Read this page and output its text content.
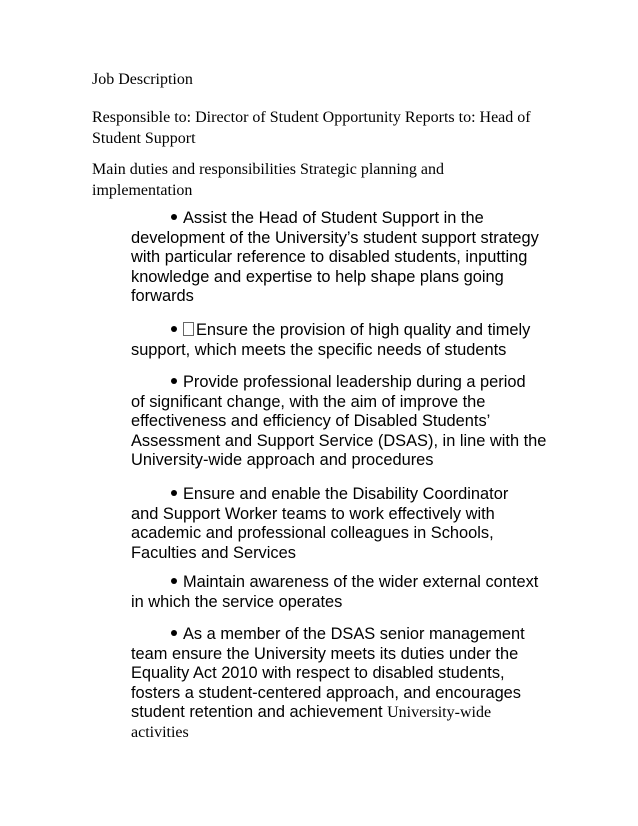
Job Description
Responsible to: Director of Student Opportunity Reports to: Head of Student Support
Main duties and responsibilities Strategic planning and implementation
Assist the Head of Student Support in the
development of the University’s student support strategy with particular reference to disabled students, inputting knowledge and expertise to help shape plans going forwards
Ensure the provision of high quality and timely
support, which meets the specific needs of students
Provide professional leadership during a period
of significant change, with the aim of improve the effectiveness and efficiency of Disabled Students’ Assessment and Support Service (DSAS), in line with the University-wide approach and procedures
Ensure and enable the Disability Coordinator
and Support Worker teams to work effectively with academic and professional colleagues in Schools, Faculties and Services
Maintain awareness of the wider external context
in which the service operates
As a member of the DSAS senior management
team ensure the University meets its duties under the Equality Act 2010 with respect to disabled students, fosters a student-centered approach, and encourages student retention and achievement University-wide activities
